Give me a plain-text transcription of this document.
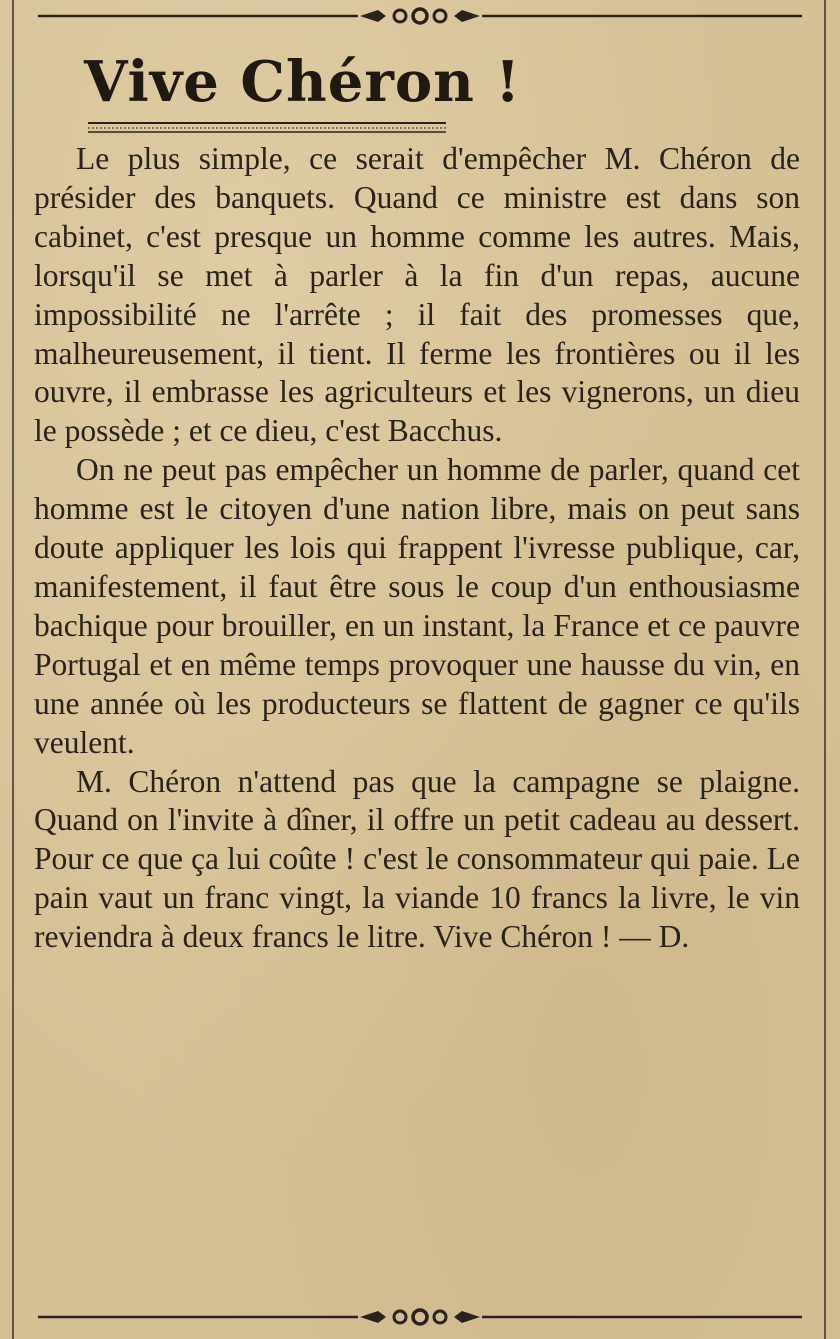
Vive Chéron !

Le plus simple, ce serait d'empêcher M. Chéron de présider des banquets. Quand ce ministre est dans son cabinet, c'est presque un homme comme les autres. Mais, lorsqu'il se met à parler à la fin d'un repas, aucune impossibilité ne l'arrête ; il fait des promesses que, malheureusement, il tient. Il ferme les frontières ou il les ouvre, il embrasse les agriculteurs et les vignerons, un dieu le possède ; et ce dieu, c'est Bacchus.

On ne peut pas empêcher un homme de parler, quand cet homme est le citoyen d'une nation libre, mais on peut sans doute appliquer les lois qui frappent l'ivresse publique, car, manifestement, il faut être sous le coup d'un enthousiasme bachique pour brouiller, en un instant, la France et ce pauvre Portugal et en même temps provoquer une hausse du vin, en une année où les producteurs se flattent de gagner ce qu'ils veulent.

M. Chéron n'attend pas que la campagne se plaigne. Quand on l'invite à dîner, il offre un petit cadeau au dessert. Pour ce que ça lui coûte ! c'est le consommateur qui paie. Le pain vaut un franc vingt, la viande 10 francs la livre, le vin reviendra à deux francs le litre. Vive Chéron ! — D.
